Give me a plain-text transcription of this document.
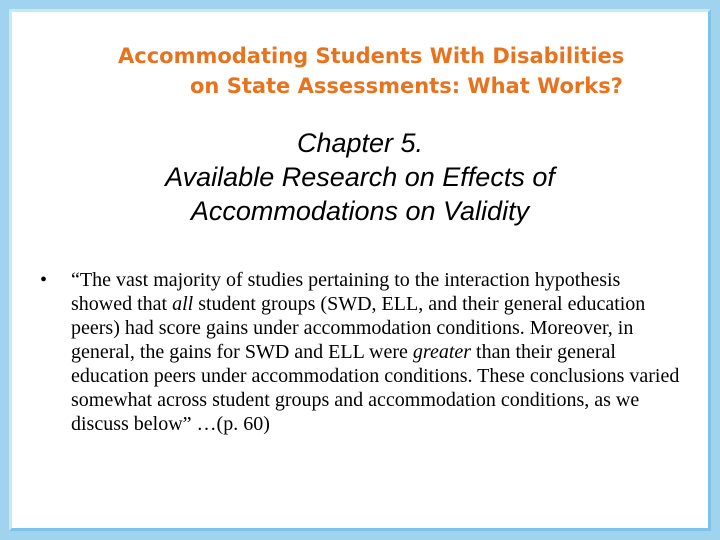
Accommodating Students With Disabilities
on State Assessments: What Works?
Chapter 5.
Available Research on Effects of
Accommodations on Validity
• “The vast majority of studies pertaining to the interaction hypothesis showed that all student groups (SWD, ELL, and their general education peers) had score gains under accommodation conditions. Moreover, in general, the gains for SWD and ELL were greater than their general education peers under accommodation conditions. These conclusions varied somewhat across student groups and accommodation conditions, as we discuss below” …(p. 60)
